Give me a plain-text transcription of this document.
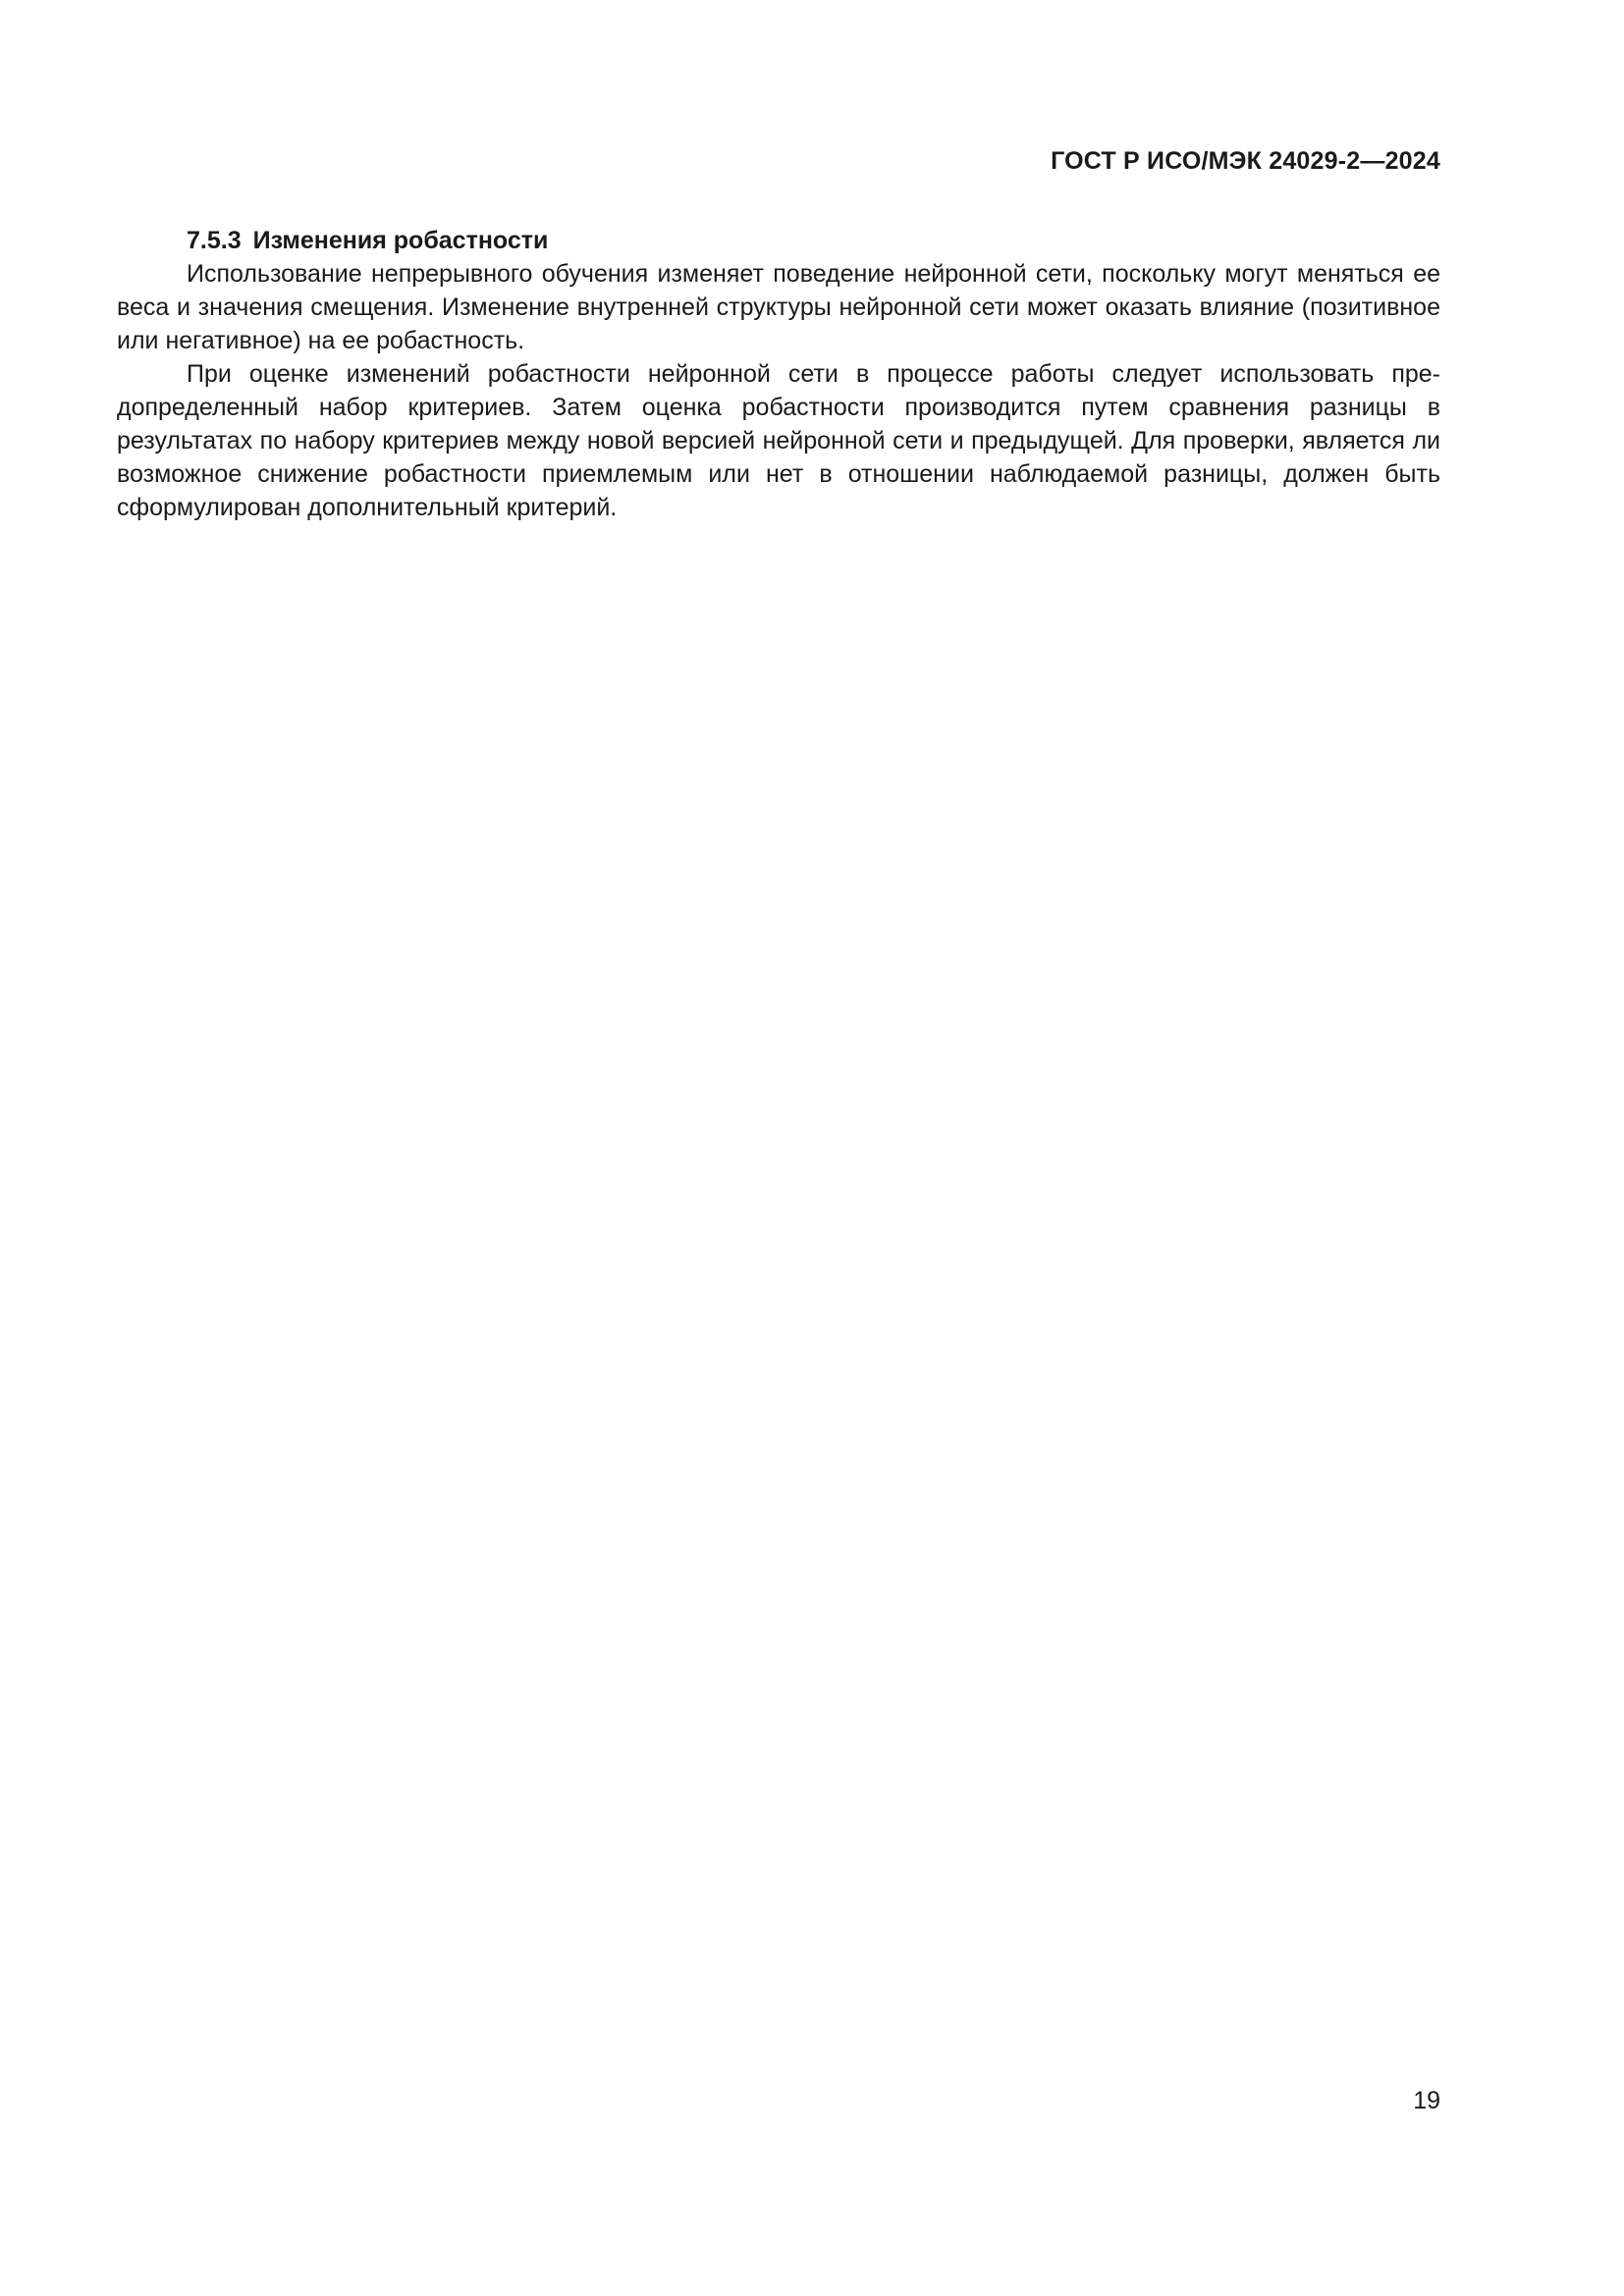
ГОСТ Р ИСО/МЭК 24029-2—2024
7.5.3 Изменения робастности

Использование непрерывного обучения изменяет поведение нейронной сети, поскольку могут меняться ее веса и значения смещения. Изменение внутренней структуры нейронной сети может оказать влияние (позитивное или негативное) на ее робастность.

При оценке изменений робастности нейронной сети в процессе работы следует использовать предопределенный набор критериев. Затем оценка робастности производится путем сравнения разницы в результатах по набору критериев между новой версией нейронной сети и предыдущей. Для проверки, является ли возможное снижение робастности приемлемым или нет в отношении наблюдаемой разницы, должен быть сформулирован дополнительный критерий.

19
